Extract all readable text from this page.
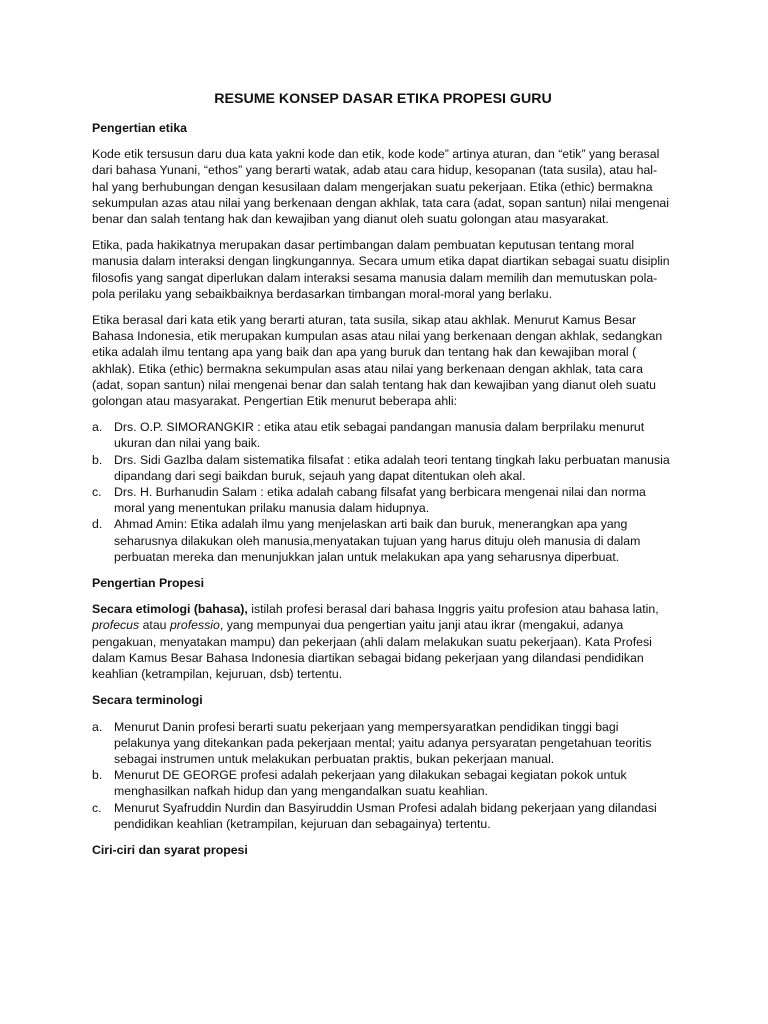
RESUME KONSEP DASAR ETIKA PROPESI GURU
Pengertian etika
Kode etik tersusun daru dua kata yakni kode dan etik, kode kode” artinya aturan, dan “etik” yang berasal dari bahasa Yunani, “ethos” yang berarti watak, adab atau cara hidup, kesopanan (tata susila), atau hal- hal yang berhubungan dengan kesusilaan dalam mengerjakan suatu pekerjaan. Etika (ethic) bermakna sekumpulan azas atau nilai yang berkenaan dengan akhlak, tata cara (adat, sopan santun) nilai mengenai benar dan salah tentang hak dan kewajiban yang dianut oleh suatu golongan atau masyarakat.
Etika, pada hakikatnya merupakan dasar pertimbangan dalam pembuatan keputusan tentang moral manusia dalam interaksi dengan lingkungannya. Secara umum etika dapat diartikan sebagai suatu disiplin filosofis yang sangat diperlukan dalam interaksi sesama manusia dalam memilih dan memutuskan pola-pola perilaku yang sebaikbaiknya berdasarkan timbangan moral-moral yang berlaku.
Etika berasal dari kata etik yang berarti aturan, tata susila, sikap atau akhlak. Menurut Kamus Besar Bahasa Indonesia, etik merupakan kumpulan asas atau nilai yang berkenaan dengan akhlak, sedangkan etika adalah ilmu tentang apa yang baik dan apa yang buruk dan tentang hak dan kewajiban moral ( akhlak). Etika (ethic) bermakna sekumpulan asas atau nilai yang berkenaan dengan akhlak, tata cara (adat, sopan santun) nilai mengenai benar dan salah tentang hak dan kewajiban yang dianut oleh suatu golongan atau masyarakat. Pengertian Etik menurut beberapa ahli:
a. Drs. O.P. SIMORANGKIR : etika atau etik sebagai pandangan manusia dalam berprilaku menurut ukuran dan nilai yang baik.
b. Drs. Sidi Gazlba dalam sistematika filsafat : etika adalah teori tentang tingkah laku perbuatan manusia dipandang dari segi baikdan buruk, sejauh yang dapat ditentukan oleh akal.
c. Drs. H. Burhanudin Salam : etika adalah cabang filsafat yang berbicara mengenai nilai dan norma moral yang menentukan prilaku manusia dalam hidupnya.
d. Ahmad Amin: Etika adalah ilmu yang menjelaskan arti baik dan buruk, menerangkan apa yang seharusnya dilakukan oleh manusia,menyatakan tujuan yang harus dituju oleh manusia di dalam perbuatan mereka dan menunjukkan jalan untuk melakukan apa yang seharusnya diperbuat.
Pengertian Propesi
Secara etimologi (bahasa), istilah profesi berasal dari bahasa Inggris yaitu profesion atau bahasa latin, profecus atau professio, yang mempunyai dua pengertian yaitu janji atau ikrar (mengakui, adanya pengakuan, menyatakan mampu) dan pekerjaan (ahli dalam melakukan suatu pekerjaan). Kata Profesi dalam Kamus Besar Bahasa Indonesia diartikan sebagai bidang pekerjaan yang dilandasi pendidikan keahlian (ketrampilan, kejuruan, dsb) tertentu.
Secara terminologi
a. Menurut Danin profesi berarti suatu pekerjaan yang mempersyaratkan pendidikan tinggi bagi pelakunya yang ditekankan pada pekerjaan mental; yaitu adanya persyaratan pengetahuan teoritis sebagai instrumen untuk melakukan perbuatan praktis, bukan pekerjaan manual.
b. Menurut DE GEORGE profesi adalah pekerjaan yang dilakukan sebagai kegiatan pokok untuk menghasilkan nafkah hidup dan yang mengandalkan suatu keahlian.
c. Menurut Syafruddin Nurdin dan Basyiruddin Usman Profesi adalah bidang pekerjaan yang dilandasi pendidikan keahlian (ketrampilan, kejuruan dan sebagainya) tertentu.
Ciri-ciri dan syarat propesi
